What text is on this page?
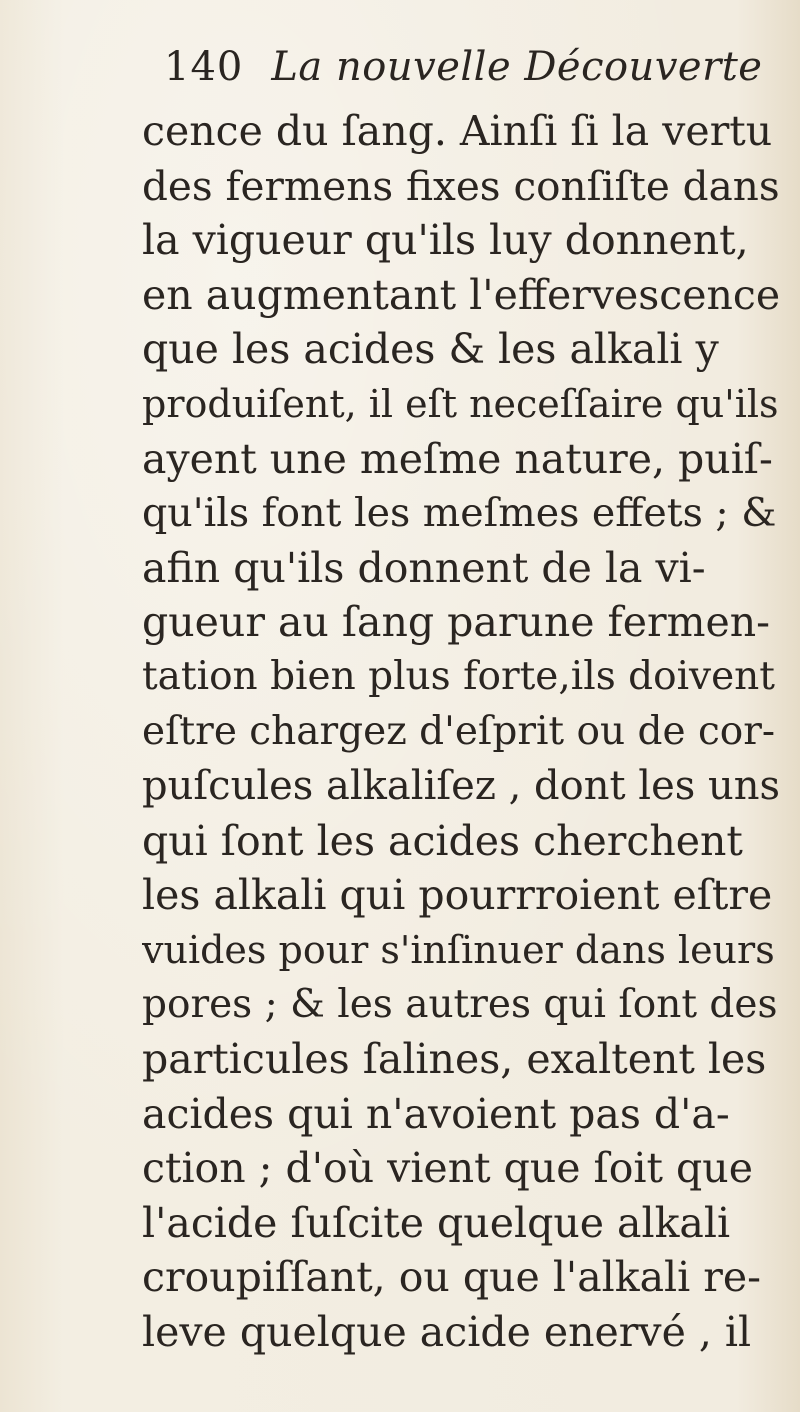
140 La nouvelle Découverte
cence du ſang. Ainſi ſi la vertu
des fermens fixes conſiſte dans
la vigueur qu'ils luy donnent,
en augmentant l'effervescence
que les acides & les alkali y
produiſent, il eſt neceſſaire qu'ils
ayent une meſme nature, puiſ-
qu'ils font les meſmes effets ; &
afin qu'ils donnent de la vi-
gueur au ſang parune fermen-
tation bien plus forte,ils doivent
eſtre chargez d'eſprit ou de cor-
puſcules alkaliſez , dont les uns
qui ſont les acides cherchent
les alkali qui pourrroient eſtre
vuides pour s'inſinuer dans leurs
pores ; & les autres qui ſont des
particules ſalines, exaltent les
acides qui n'avoient pas d'a-
ction ; d'où vient que ſoit que
l'acide ſuſcite quelque alkali
croupiſſant, ou que l'alkali re-
leve quelque acide enervé , il
